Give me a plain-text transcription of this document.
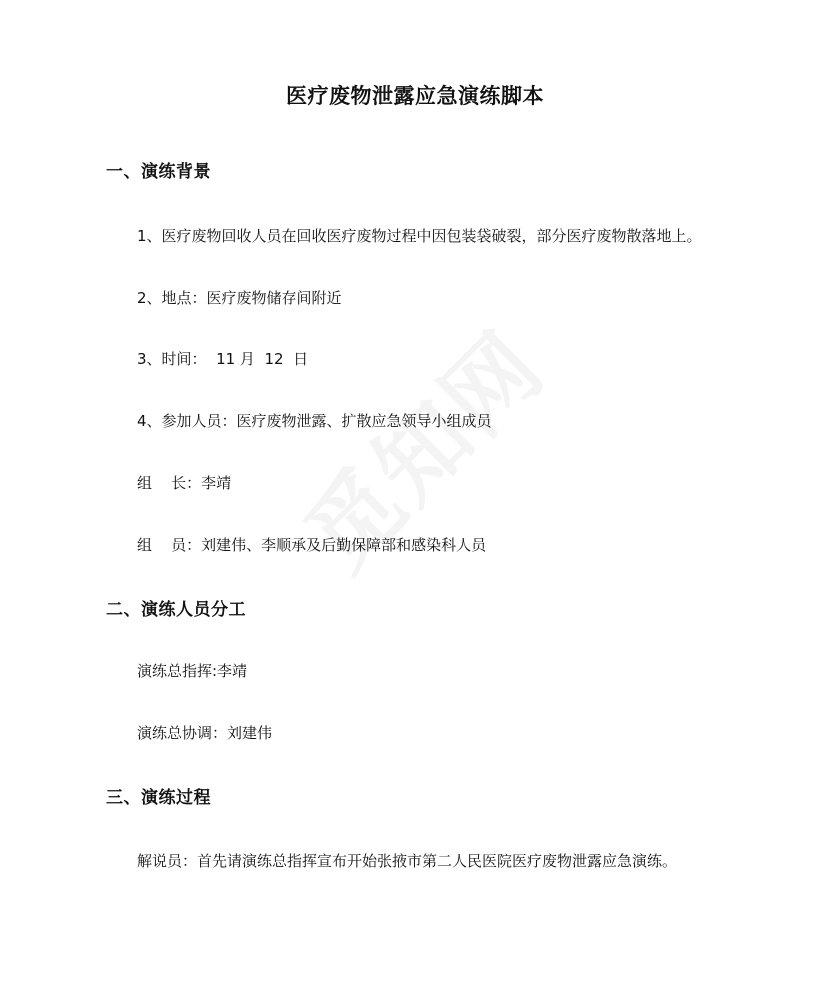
医疗废物泄露应急演练脚本
一、演练背景
1、医疗废物回收人员在回收医疗废物过程中因包装袋破裂，部分医疗废物散落地上。
2、地点：医疗废物储存间附近
3、时间：  11 月  12  日
4、参加人员：医疗废物泄露、扩散应急领导小组成员
组    长：李靖
组    员：刘建伟、李顺承及后勤保障部和感染科人员
二、演练人员分工
演练总指挥:李靖
演练总协调：刘建伟
三、演练过程
解说员：首先请演练总指挥宣布开始张掖市第二人民医院医疗废物泄露应急演练。
